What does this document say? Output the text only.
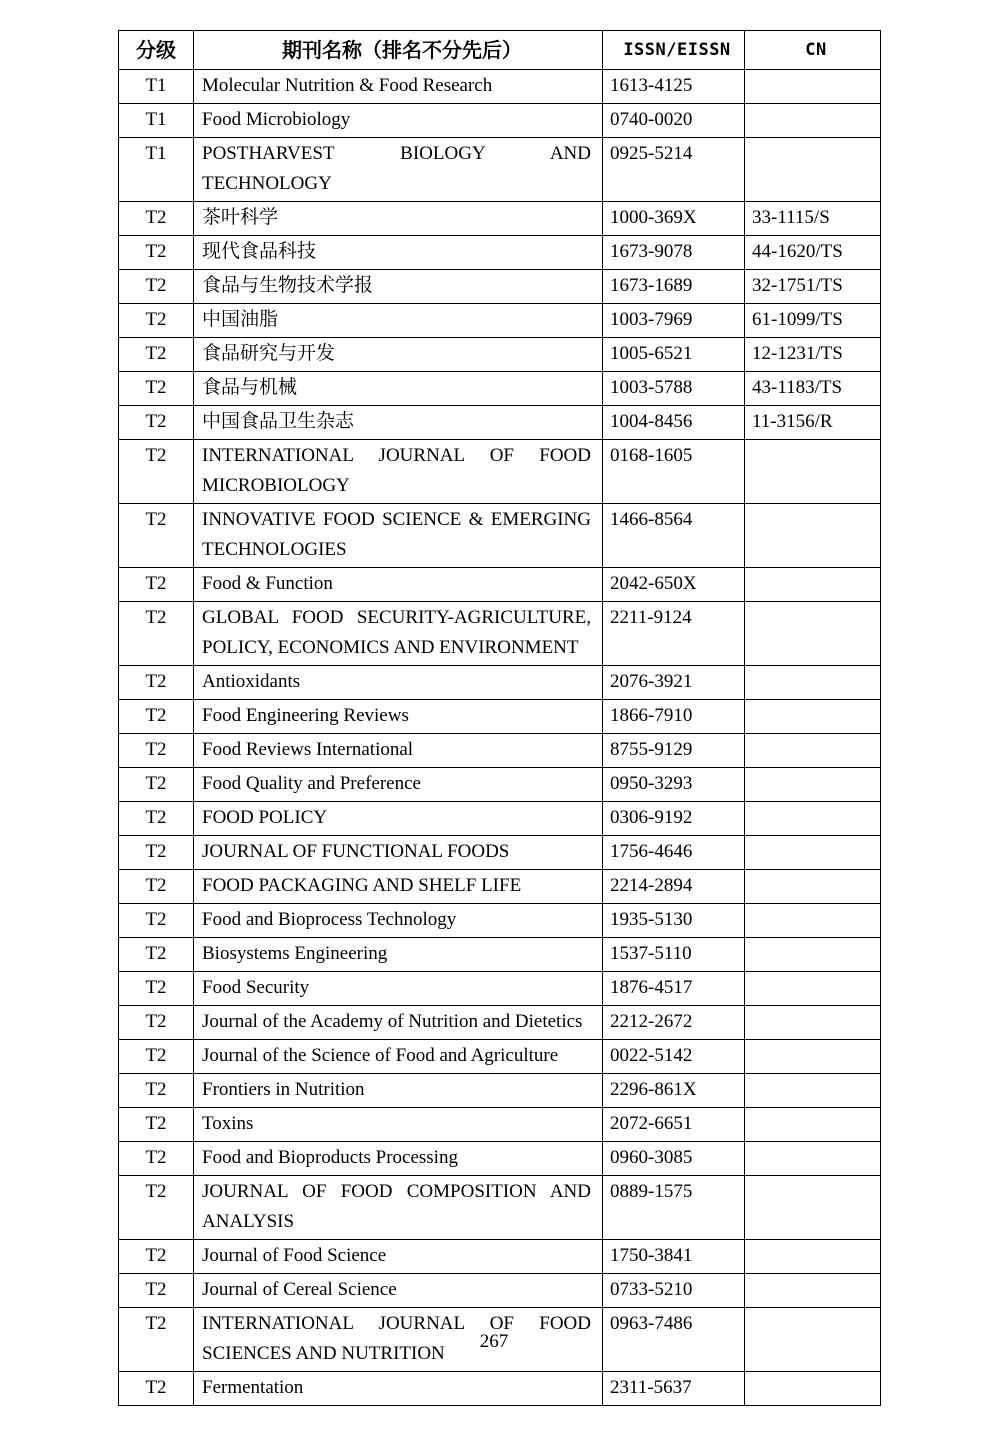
分级	期刊名称（排名不分先后）	ISSN/EISSN	CN
T1	Molecular Nutrition & Food Research	1613-4125	
T1	Food Microbiology	0740-0020	
T1	POSTHARVEST BIOLOGY AND TECHNOLOGY	0925-5214	
T2	茶叶科学	1000-369X	33-1115/S
T2	现代食品科技	1673-9078	44-1620/TS
T2	食品与生物技术学报	1673-1689	32-1751/TS
T2	中国油脂	1003-7969	61-1099/TS
T2	食品研究与开发	1005-6521	12-1231/TS
T2	食品与机械	1003-5788	43-1183/TS
T2	中国食品卫生杂志	1004-8456	11-3156/R
T2	INTERNATIONAL JOURNAL OF FOOD MICROBIOLOGY	0168-1605	
T2	INNOVATIVE FOOD SCIENCE & EMERGING TECHNOLOGIES	1466-8564	
T2	Food & Function	2042-650X	
T2	GLOBAL FOOD SECURITY-AGRICULTURE, POLICY, ECONOMICS AND ENVIRONMENT	2211-9124	
T2	Antioxidants	2076-3921	
T2	Food Engineering Reviews	1866-7910	
T2	Food Reviews International	8755-9129	
T2	Food Quality and Preference	0950-3293	
T2	FOOD POLICY	0306-9192	
T2	JOURNAL OF FUNCTIONAL FOODS	1756-4646	
T2	FOOD PACKAGING AND SHELF LIFE	2214-2894	
T2	Food and Bioprocess Technology	1935-5130	
T2	Biosystems Engineering	1537-5110	
T2	Food Security	1876-4517	
T2	Journal of the Academy of Nutrition and Dietetics	2212-2672	
T2	Journal of the Science of Food and Agriculture	0022-5142	
T2	Frontiers in Nutrition	2296-861X	
T2	Toxins	2072-6651	
T2	Food and Bioproducts Processing	0960-3085	
T2	JOURNAL OF FOOD COMPOSITION AND ANALYSIS	0889-1575	
T2	Journal of Food Science	1750-3841	
T2	Journal of Cereal Science	0733-5210	
T2	INTERNATIONAL JOURNAL OF FOOD SCIENCES AND NUTRITION	0963-7486	
T2	Fermentation	2311-5637	
267
